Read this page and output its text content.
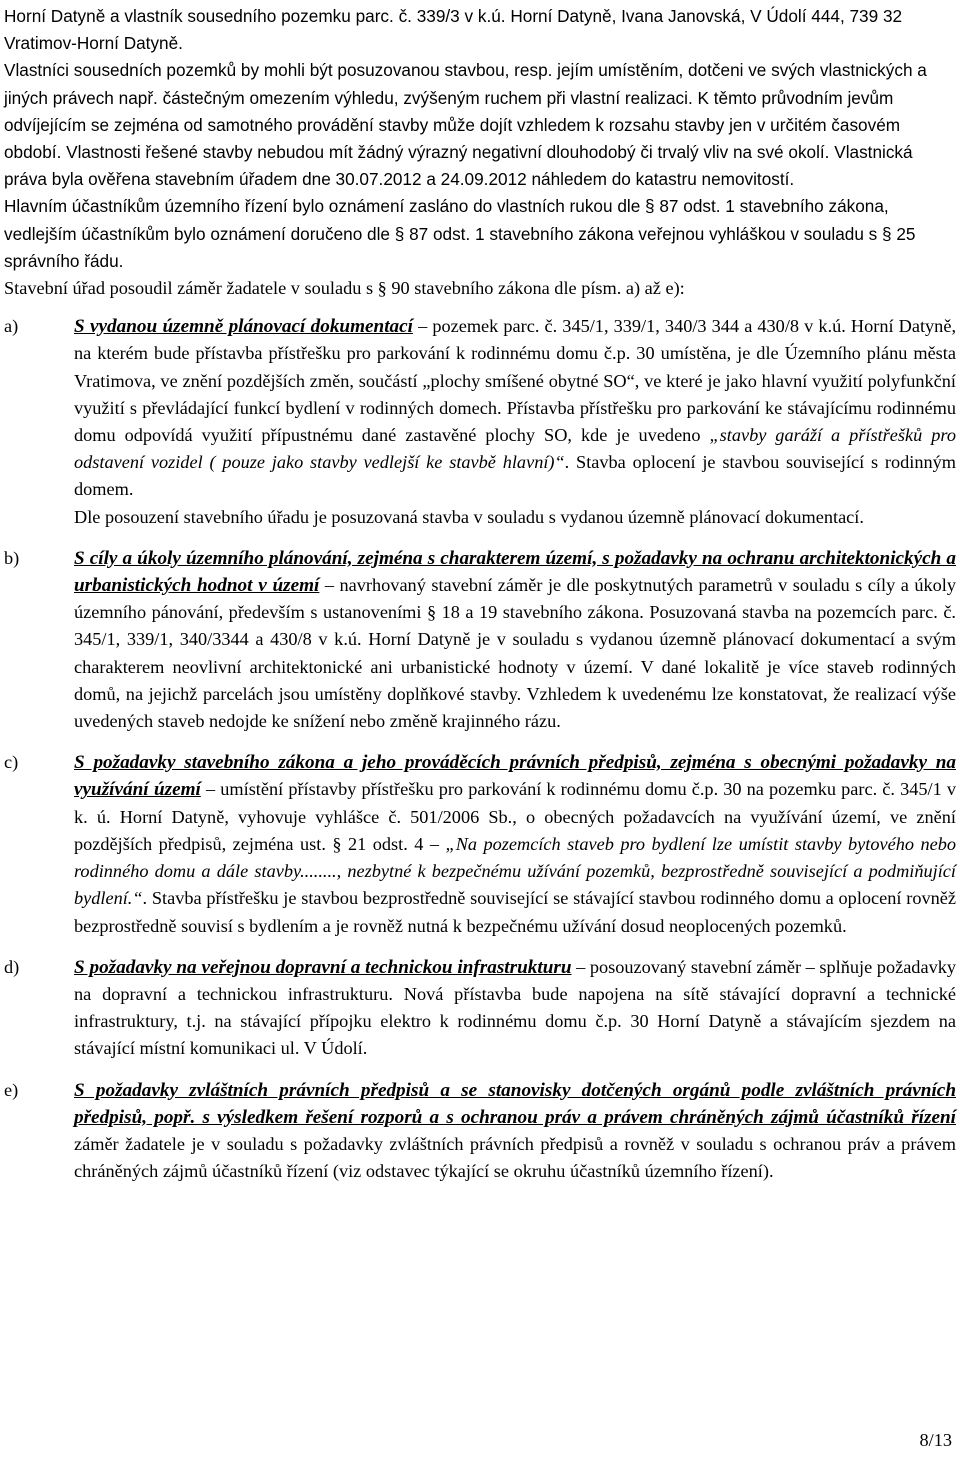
Horní Datyně a vlastník sousedního pozemku parc. č. 339/3 v k.ú. Horní Datyně, Ivana Janovská, V Údolí 444, 739 32 Vratimov-Horní Datyně.

Vlastníci sousedních pozemků by mohli být posuzovanou stavbou, resp. jejím umístěním, dotčeni ve svých vlastnických a jiných právech např. částečným omezením výhledu, zvýšeným ruchem při vlastní realizaci. K těmto průvodním jevům odvíjejícím se zejména od samotného provádění stavby může dojít vzhledem k rozsahu stavby jen v určitém časovém období. Vlastnosti řešené stavby nebudou mít žádný výrazný negativní dlouhodobý či trvalý vliv na své okolí. Vlastnická práva byla ověřena stavebním úřadem dne 30.07.2012 a 24.09.2012 náhledem do katastru nemovitostí.

Hlavním účastníkům územního řízení bylo oznámení zasláno do vlastních rukou dle § 87 odst. 1 stavebního zákona, vedlejším účastníkům bylo oznámení doručeno dle § 87 odst. 1 stavebního zákona veřejnou vyhláškou v souladu s § 25 správního řádu.

Stavební úřad posoudil záměr žadatele v souladu s § 90 stavebního zákona dle písm. a) až e):

a)	S vydanou územně plánovací dokumentací – pozemek parc. č. 345/1, 339/1, 340/3 344 a 430/8 v k.ú. Horní Datyně, na kterém bude přístavba přístřešku pro parkování k rodinnému domu č.p. 30 umístěna, je dle Územního plánu města Vratimova, ve znění pozdějších změn, součástí „plochy smíšené obytné SO“, ve které je jako hlavní využití polyfunkční využití s převládající funkcí bydlení v rodinných domech. Přístavba přístřešku pro parkování ke stávajícímu rodinnému domu odpovídá využití přípustnému dané zastavěné plochy SO, kde je uvedeno „stavby garáží a přístřešků pro odstavení vozidel ( pouze jako stavby vedlejší ke stavbě hlavní)“. Stavba oplocení je stavbou související s rodinným domem.

Dle posouzení stavebního úřadu je posuzovaná stavba v souladu s vydanou územně plánovací dokumentací.

b)	S cíly a úkoly územního plánování, zejména s charakterem území, s požadavky na ochranu architektonických a urbanistických hodnot v území – navrhovaný stavební záměr je dle poskytnutých parametrů v souladu s cíly a úkoly územního pánování, především s ustanoveními § 18 a 19 stavebního zákona. Posuzovaná stavba na pozemcích parc. č. 345/1, 339/1, 340/3344 a 430/8 v k.ú. Horní Datyně je v souladu s vydanou územně plánovací dokumentací a svým charakterem neovlivní architektonické ani urbanistické hodnoty v území. V dané lokalitě je více staveb rodinných domů, na jejichž parcelách jsou umístěny doplňkové stavby. Vzhledem k uvedenému lze konstatovat, že realizací výše uvedených staveb nedojde ke snížení nebo změně krajinného rázu.

c)	S požadavky stavebního zákona a jeho prováděcích právních předpisů, zejména s obecnými požadavky na využívání území – umístění přístavby přístřešku pro parkování k rodinnému domu č.p. 30 na pozemku parc. č. 345/1 v k. ú. Horní Datyně, vyhovuje vyhlášce č. 501/2006 Sb., o obecných požadavcích na využívání území, ve znění pozdějších předpisů, zejména ust. § 21 odst. 4 – „Na pozemcích staveb pro bydlení lze umístit stavby bytového nebo rodinného domu a dále stavby........, nezbytné k bezpečnému užívání pozemků, bezprostředně související a podmiňující bydlení.“. Stavba přístřešku je stavbou bezprostředně související se stávající stavbou rodinného domu a oplocení rovněž bezprostředně souvisí s bydlením a je rovněž nutná k bezpečnému užívání dosud neoplocených pozemků.

d)	S požadavky na veřejnou dopravní a technickou infrastrukturu – posouzovaný stavební záměr – splňuje požadavky na dopravní a technickou infrastrukturu. Nová přístavba bude napojena na sítě stávající dopravní a technické infrastruktury, t.j. na stávající přípojku elektro k rodinnému domu č.p. 30 Horní Datyně a stávajícím sjezdem na stávající místní komunikaci ul. V Údolí.

e)	S požadavky zvláštních právních předpisů a se stanovisky dotčených orgánů podle zvláštních právních předpisů, popř. s výsledkem řešení rozporů a s ochranou práv a právem chráněných zájmů účastníků řízení záměr žadatele je v souladu s požadavky zvláštních právních předpisů a rovněž v souladu s ochranou práv a právem chráněných zájmů účastníků řízení (viz odstavec týkající se okruhu účastníků územního řízení).

8/13
